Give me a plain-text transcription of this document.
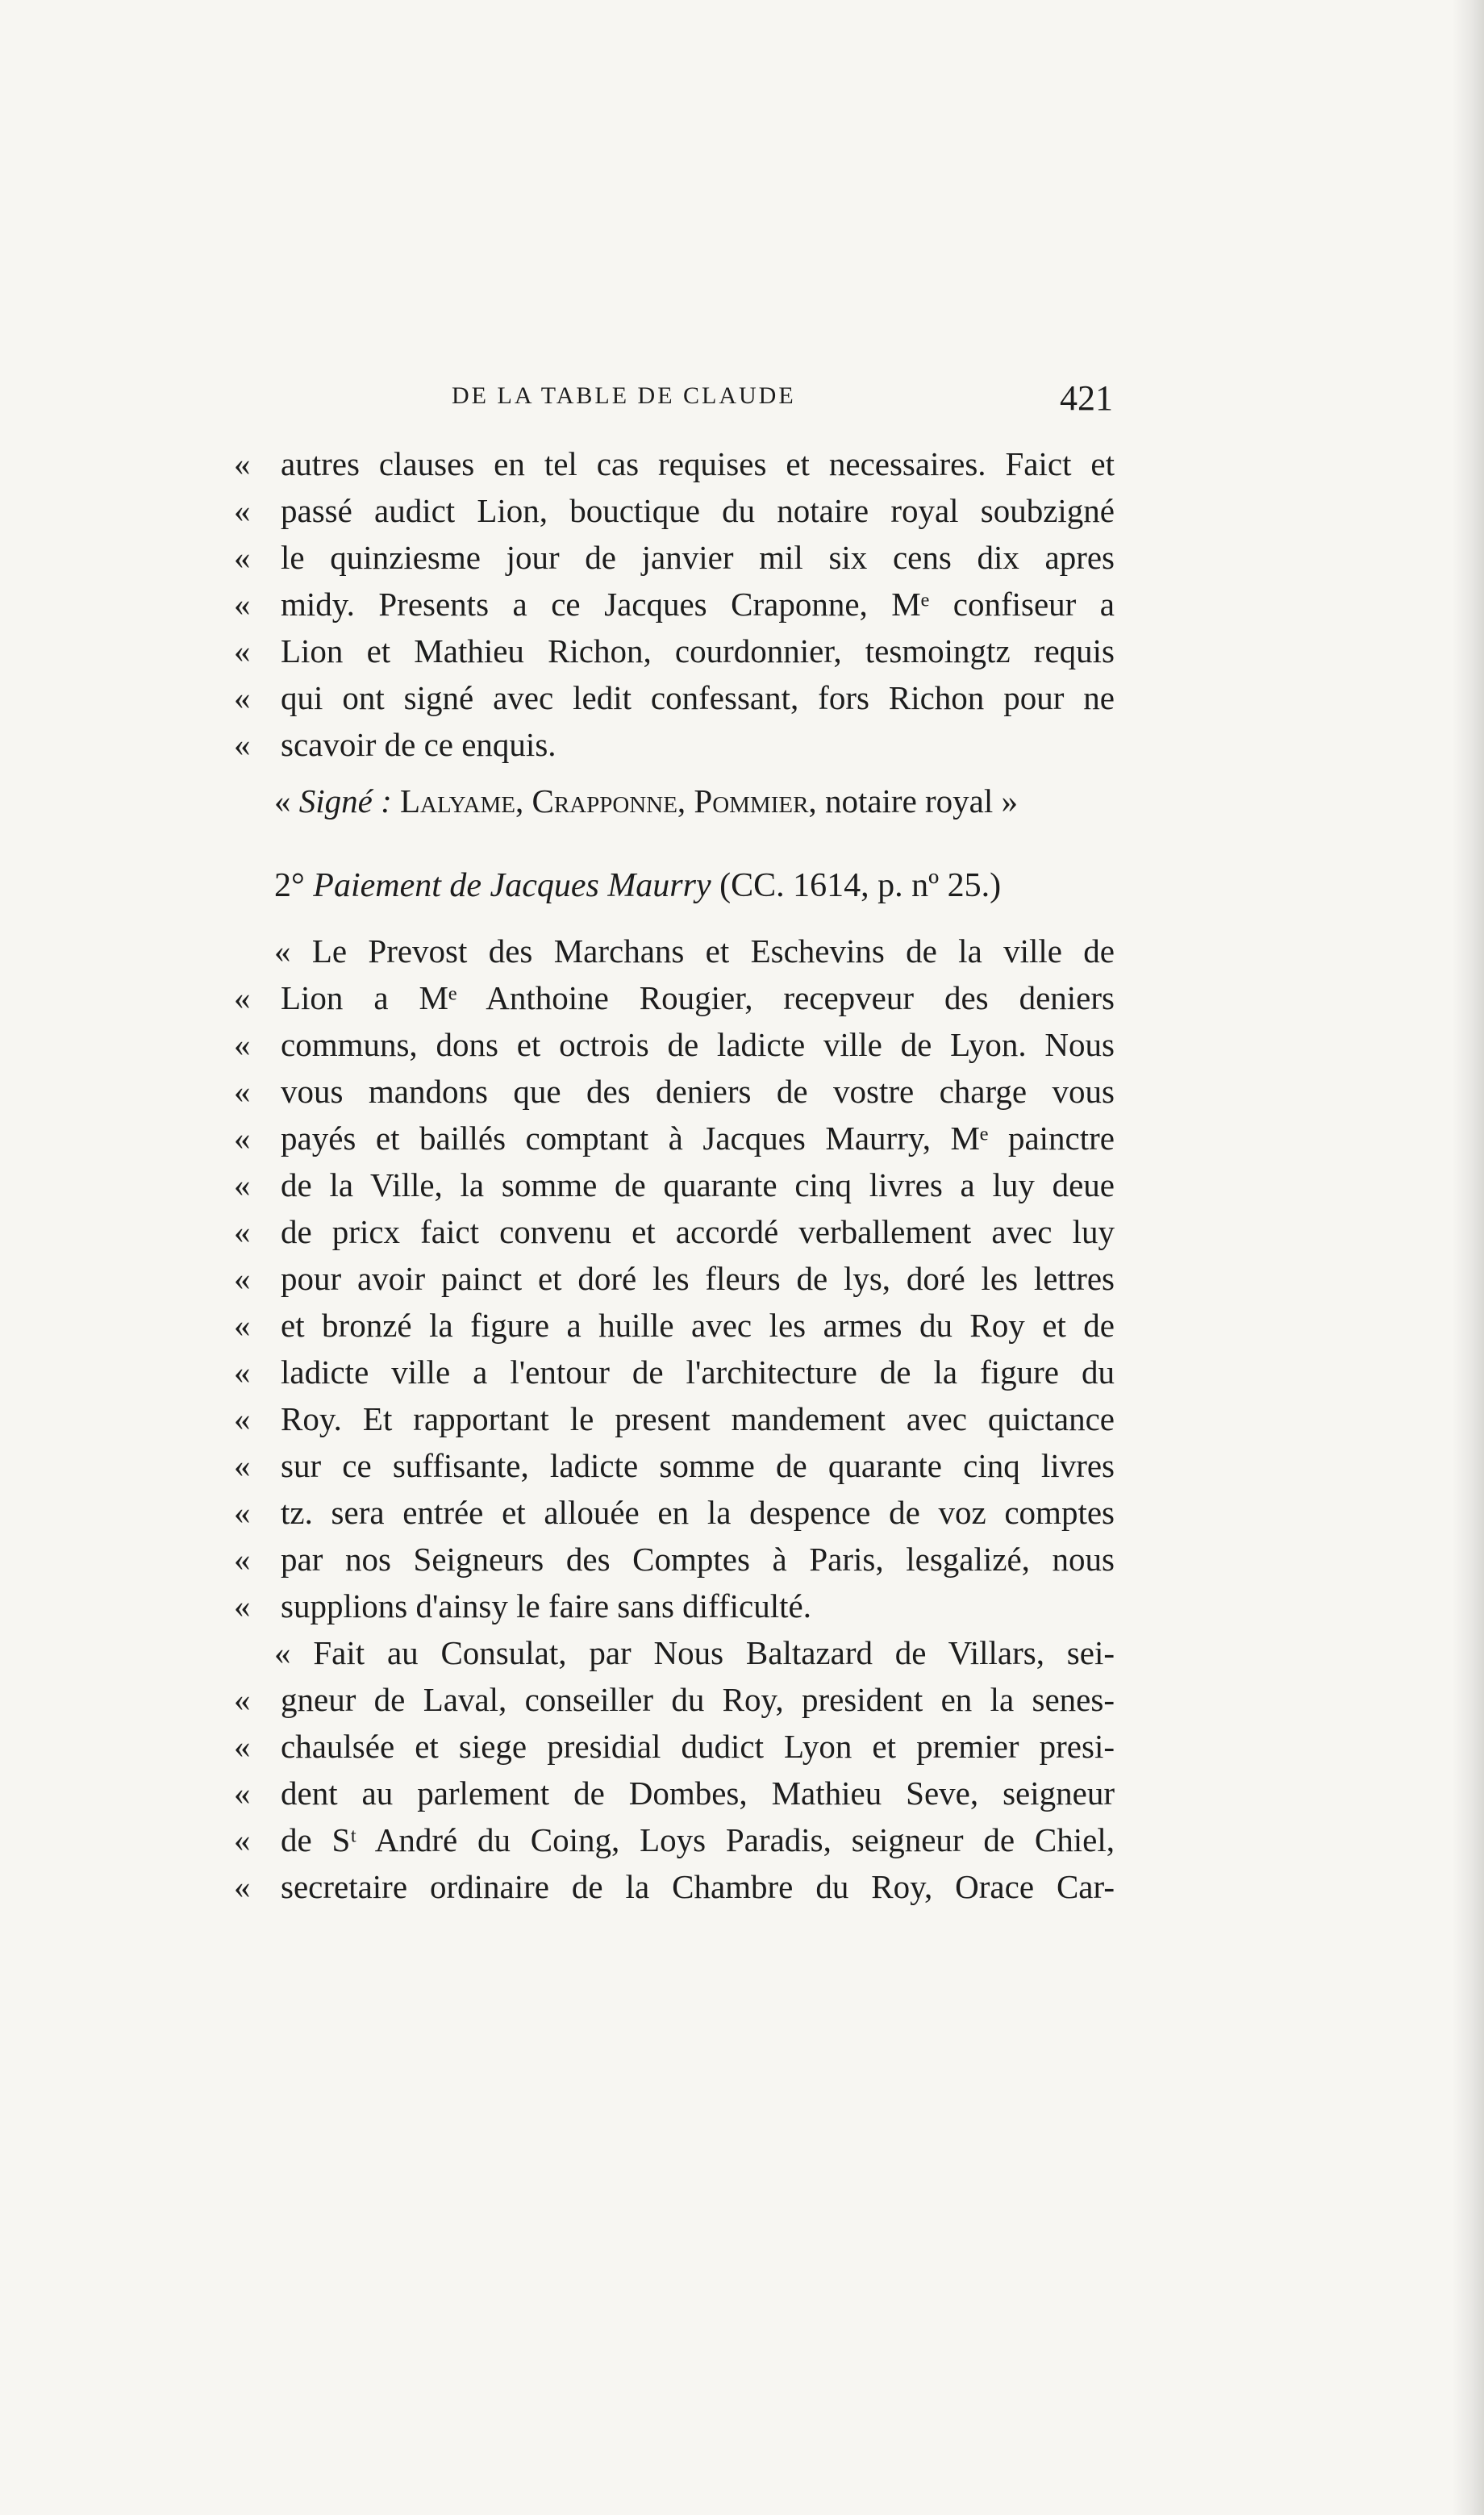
DE LA TABLE DE CLAUDE	421
« autres clauses en tel cas requises et necessaires. Faict et
« passé audict Lion, bouctique du notaire royal soubzigné
« le quinziesme jour de janvier mil six cens dix apres
« midy. Presents a ce Jacques Craponne, Mᵉ confiseur a
« Lion et Mathieu Richon, courdonnier, tesmoingtz requis
« qui ont signé avec ledit confessant, fors Richon pour ne
« scavoir de ce enquis.
« Signé : Lalyame, Crapponne, Pommier, notaire royal »
2° Paiement de Jacques Maurry (CC. 1614, p. nº 25.)
« Le Prevost des Marchans et Eschevins de la ville de
« Lion a Mᵉ Anthoine Rougier, recepveur des deniers
« communs, dons et octrois de ladicte ville de Lyon. Nous
« vous mandons que des deniers de vostre charge vous
« payés et baillés comptant à Jacques Maurry, Mᵉ painctre
« de la Ville, la somme de quarante cinq livres a luy deue
« de pricx faict convenu et accordé verballement avec luy
« pour avoir painct et doré les fleurs de lys, doré les lettres
« et bronzé la figure a huille avec les armes du Roy et de
« ladicte ville a l'entour de l'architecture de la figure du
« Roy. Et rapportant le present mandement avec quictance
« sur ce suffisante, ladicte somme de quarante cinq livres
« tz. sera entrée et allouée en la despence de voz comptes
« par nos Seigneurs des Comptes à Paris, lesgalizé, nous
« supplions d'ainsy le faire sans difficulté.
« Fait au Consulat, par Nous Baltazard de Villars, sei-
« gneur de Laval, conseiller du Roy, president en la senes-
« chaulsée et siege presidial dudict Lyon et premier presi-
« dent au parlement de Dombes, Mathieu Seve, seigneur
« de Sᵗ André du Coing, Loys Paradis, seigneur de Chiel,
« secretaire ordinaire de la Chambre du Roy, Orace Car-
